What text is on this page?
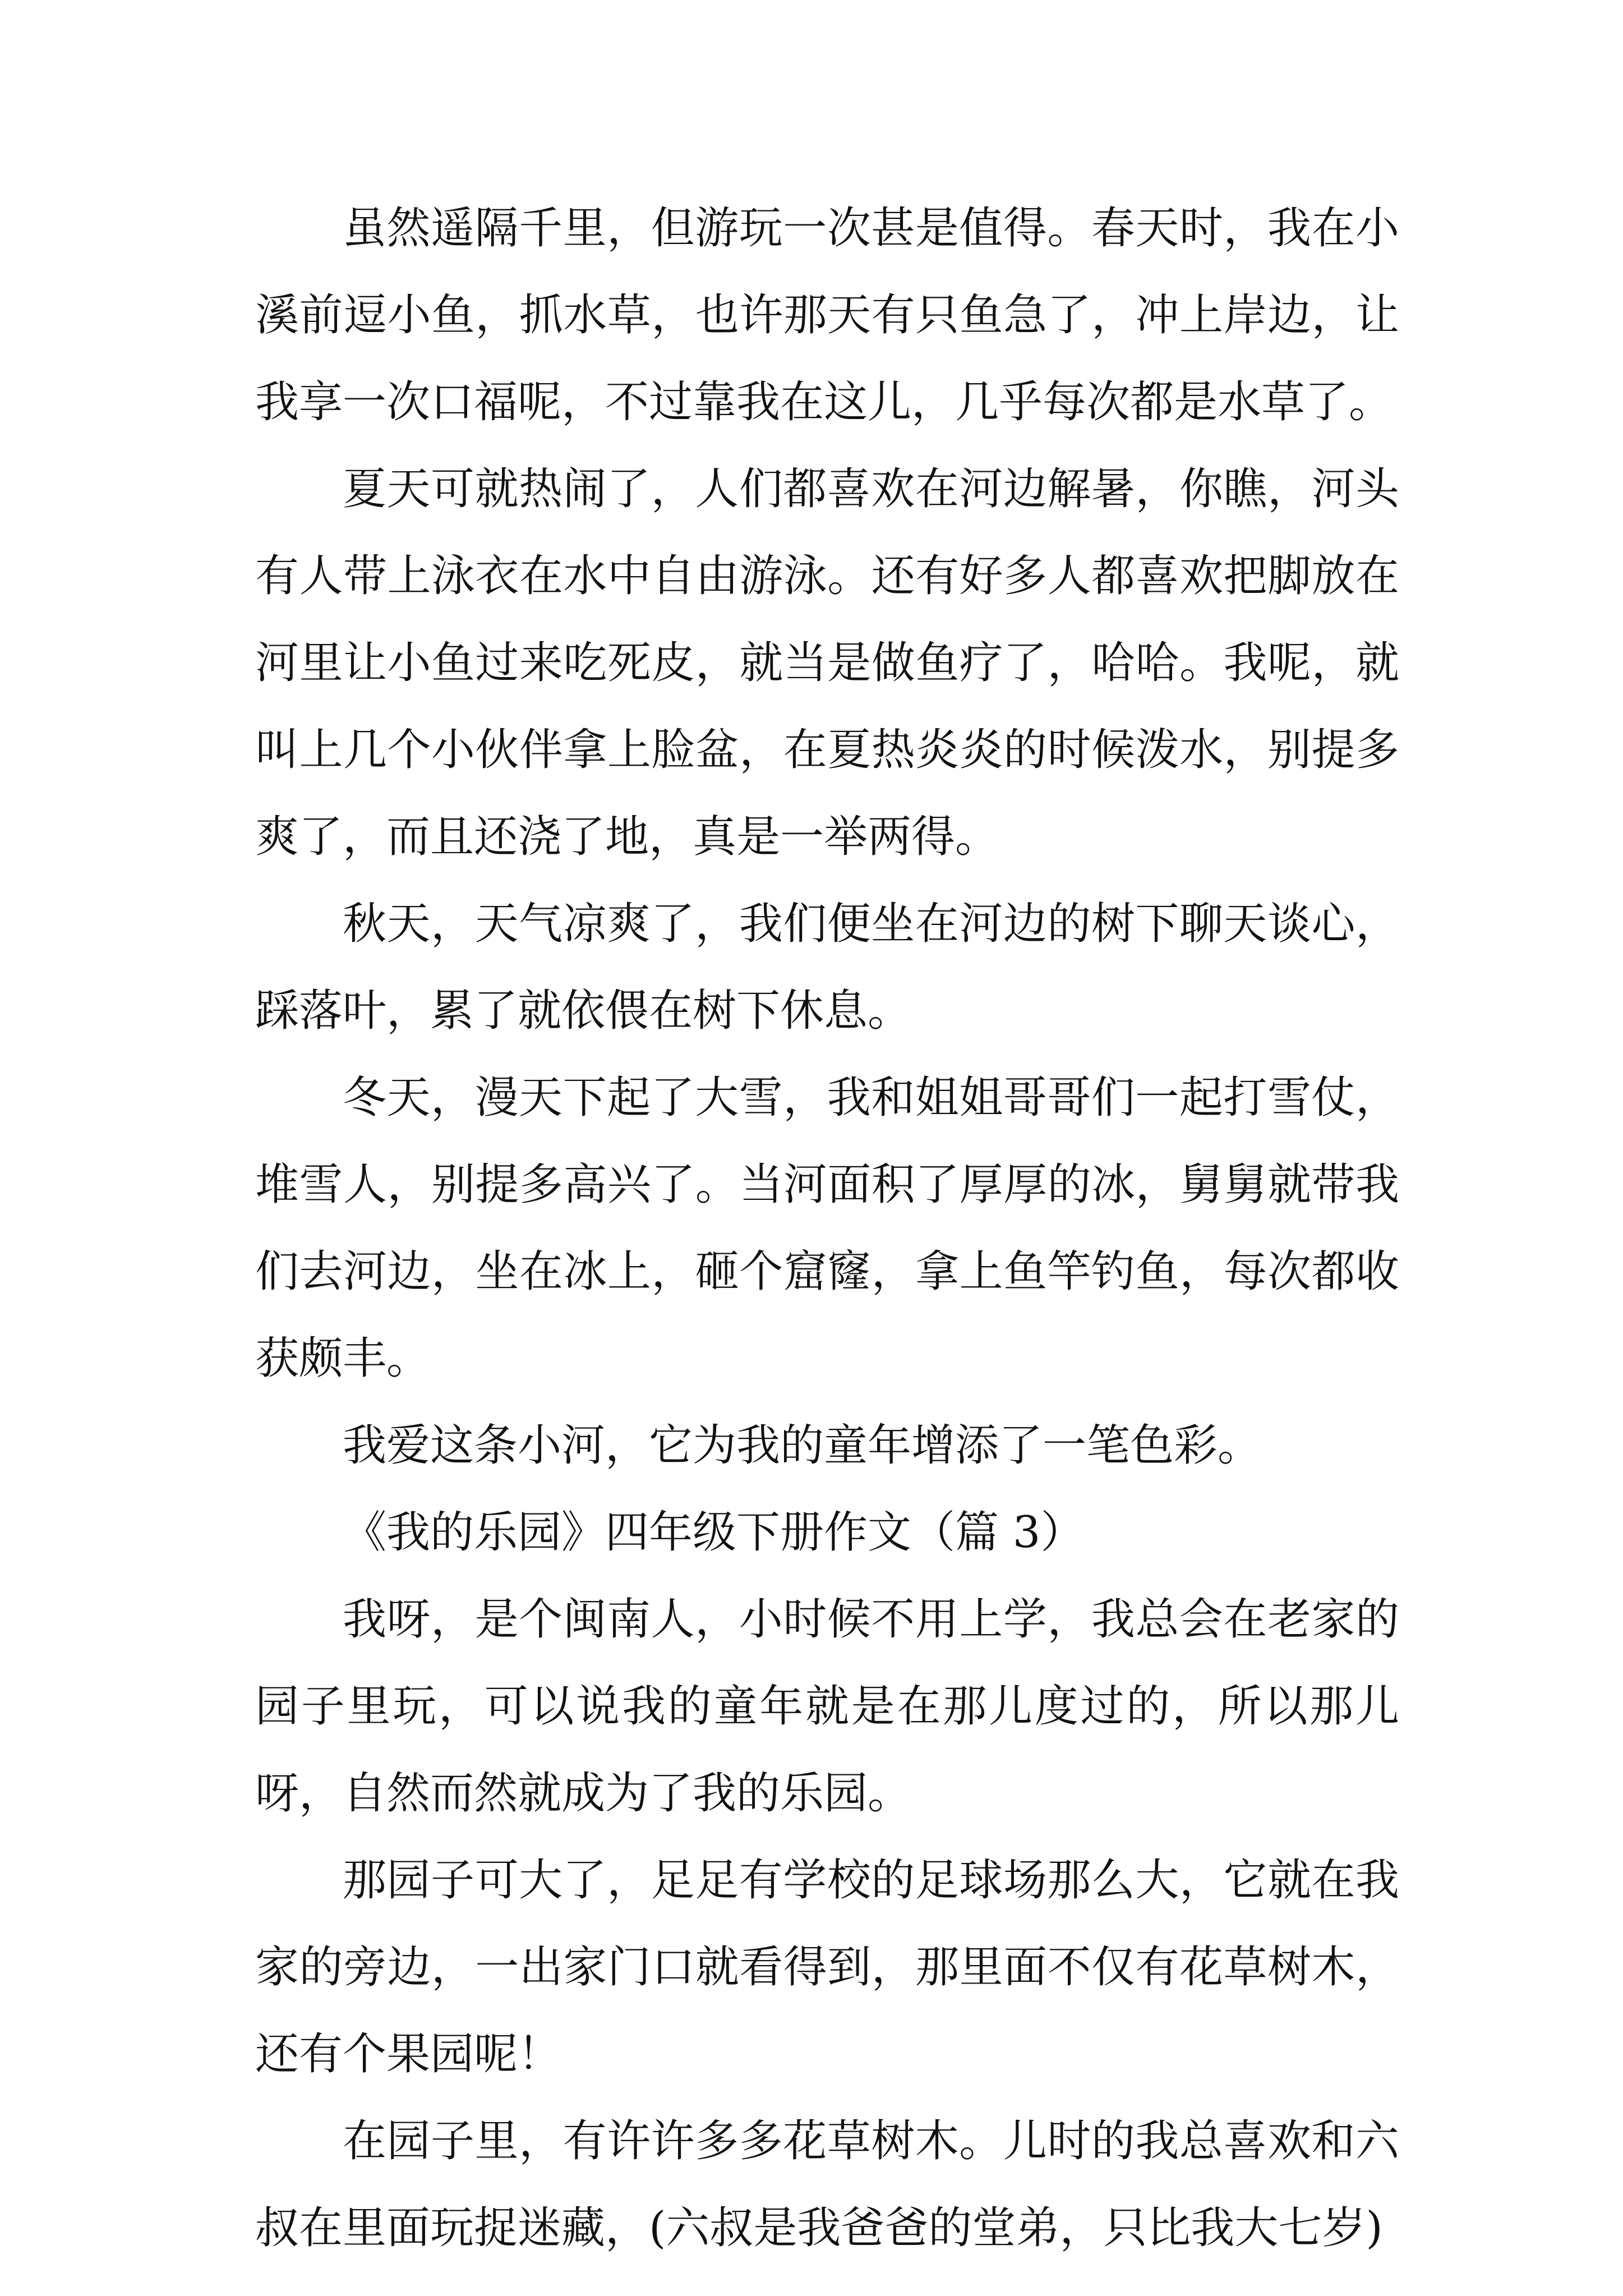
虽然遥隔千里，但游玩一次甚是值得。春天时，我在小溪前逗小鱼，抓水草，也许那天有只鱼急了，冲上岸边，让我享一次口福呢，不过靠我在这儿，几乎每次都是水草了。

夏天可就热闹了，人们都喜欢在河边解暑，你瞧，河头有人带上泳衣在水中自由游泳。还有好多人都喜欢把脚放在河里让小鱼过来吃死皮，就当是做鱼疗了，哈哈。我呢，就叫上几个小伙伴拿上脸盆，在夏热炎炎的时候泼水，别提多爽了，而且还浇了地，真是一举两得。

秋天，天气凉爽了，我们便坐在河边的树下聊天谈心，踩落叶，累了就依偎在树下休息。

冬天，漫天下起了大雪，我和姐姐哥哥们一起打雪仗，堆雪人，别提多高兴了。当河面积了厚厚的冰，舅舅就带我们去河边，坐在冰上，砸个窟窿，拿上鱼竿钓鱼，每次都收获颇丰。

我爱这条小河，它为我的童年增添了一笔色彩。

《我的乐园》四年级下册作文（篇 3）

我呀，是个闽南人，小时候不用上学，我总会在老家的园子里玩，可以说我的童年就是在那儿度过的，所以那儿呀，自然而然就成为了我的乐园。

那园子可大了，足足有学校的足球场那么大，它就在我家的旁边，一出家门口就看得到，那里面不仅有花草树木，还有个果园呢！

在园子里，有许许多多花草树木。儿时的我总喜欢和六叔在里面玩捉迷藏，(六叔是我爸爸的堂弟，只比我大七岁)
